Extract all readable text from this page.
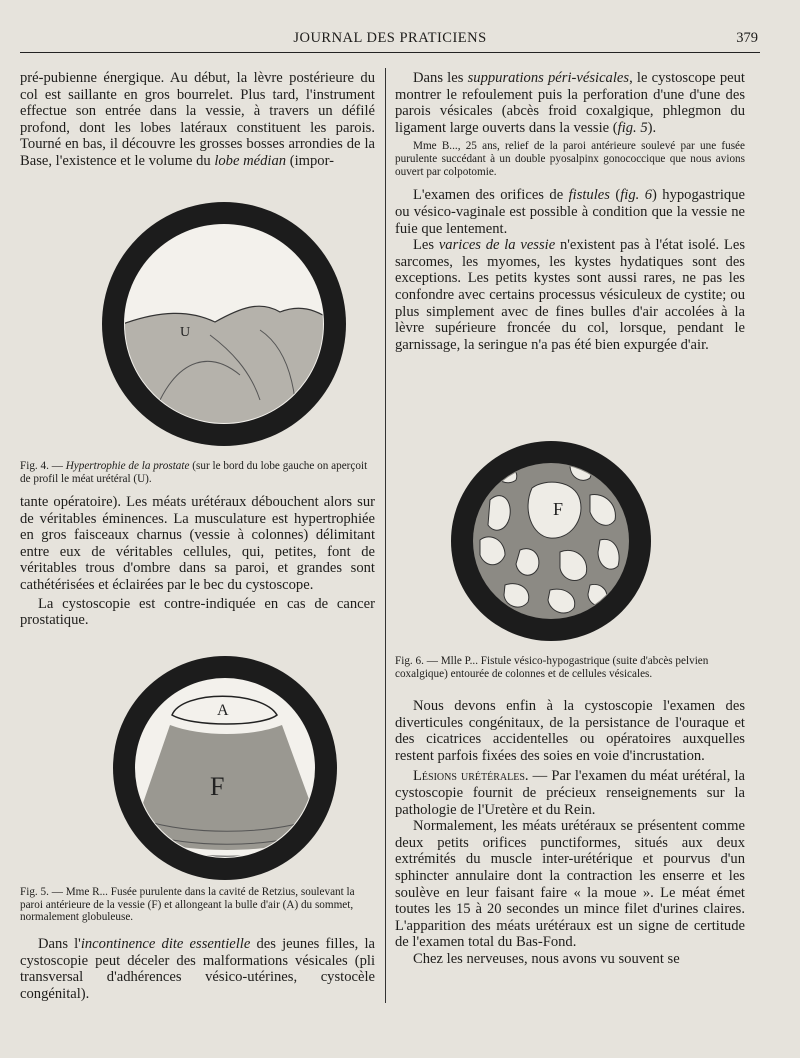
JOURNAL DES PRATICIENS	379

pré-pubienne énergique. Au début, la lèvre postérieure du col est saillante en gros bourrelet. Plus tard, l'instrument effectue son entrée dans la vessie, à travers un défilé profond, dont les lobes latéraux constituent les parois. Tourné en bas, il découvre les grosses bosses arrondies de la Base, l'existence et le volume du lobe médian (impor-

U
Fig. 4. — Hypertrophie de la prostate (sur le bord du lobe gauche on aperçoit de profil le méat urétéral (U).

tante opératoire). Les méats urétéraux débouchent alors sur de véritables éminences. La musculature est hypertrophiée en gros faisceaux charnus (vessie à colonnes) délimitant entre eux de véritables cellules, qui, petites, font de véritables trous d'ombre dans sa paroi, et grandes sont cathétérisées et éclairées par le bec du cystoscope.

La cystoscopie est contre-indiquée en cas de cancer prostatique.

A
F
Fig. 5. — Mme R... Fusée purulente dans la cavité de Retzius, soulevant la paroi antérieure de la vessie (F) et allongeant la bulle d'air (A) du sommet, normalement globuleuse.

Dans l'incontinence dite essentielle des jeunes filles, la cystoscopie peut déceler des malformations vésicales (pli transversal d'adhérences vésico-utérines, cystocèle congénital).

Dans les suppurations péri-vésicales, le cystoscope peut montrer le refoulement puis la perforation d'une d'une des parois vésicales (abcès froid coxalgique, phlegmon du ligament large ouverts dans la vessie (fig. 5).

Mme B..., 25 ans, relief de la paroi antérieure soulevé par une fusée purulente succédant à un double pyosalpinx gonococcique que nous avions ouvert par colpotomie.

L'examen des orifices de fistules (fig. 6) hypogastrique ou vésico-vaginale est possible à condition que la vessie ne fuie que lentement.

Les varices de la vessie n'existent pas à l'état isolé. Les sarcomes, les myomes, les kystes hydatiques sont des exceptions. Les petits kystes sont aussi rares, ne pas les confondre avec certains processus vésiculeux de cystite; ou plus simplement avec de fines bulles d'air accolées à la lèvre supérieure froncée du col, lorsque, pendant le garnissage, la seringue n'a pas été bien expurgée d'air.

F
Fig. 6. — Mlle P... Fistule vésico-hypogastrique (suite d'abcès pelvien coxalgique) entourée de colonnes et de cellules vésicales.

Nous devons enfin à la cystoscopie l'examen des diverticules congénitaux, de la persistance de l'ouraque et des cicatrices accidentelles ou opératoires auxquelles restent parfois fixées des soies en voie d'incrustation.

Lésions urétérales. — Par l'examen du méat urétéral, la cystoscopie fournit de précieux renseignements sur la pathologie de l'Uretère et du Rein.

Normalement, les méats urétéraux se présentent comme deux petits orifices punctiformes, situés aux deux extrémités du muscle inter-urétérique et pourvus d'un sphincter annulaire dont la contraction les enserre et les soulève en leur faisant faire « la moue ». Le méat émet toutes les 15 à 20 secondes un mince filet d'urines claires. L'apparition des méats urétéraux est un signe de certitude de l'examen total du Bas-Fond.

Chez les nerveuses, nous avons vu souvent se
